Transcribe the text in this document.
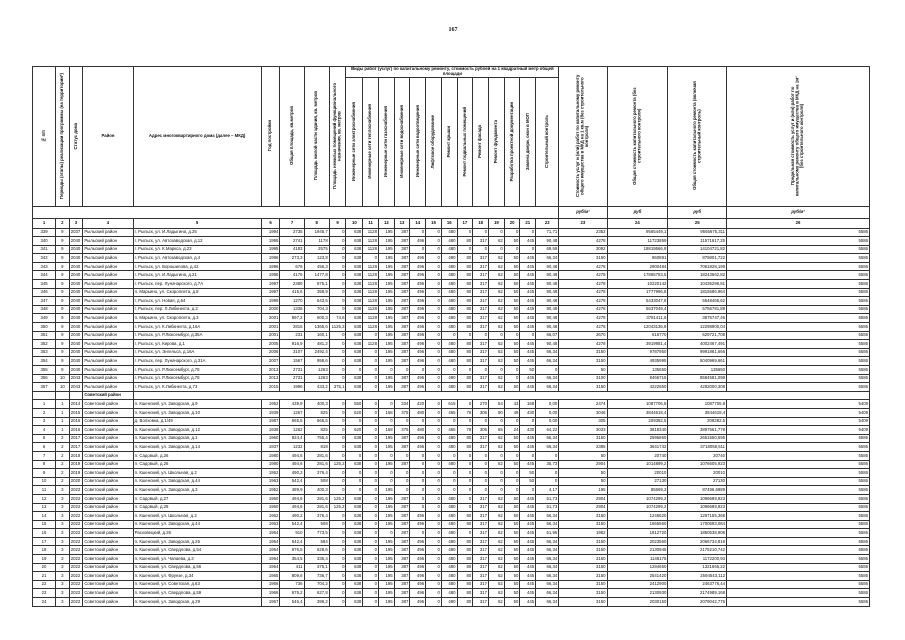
167
№ п/п	Периоды (этапы) реализации программы (на территории*)	Статус дома	Район	Адрес многоквартирного дома (далее – МКД)	Год постройки	Общая площадь, кв.метров	Площадь жилой части здания, кв. метров	Площадь нежилых помещений функционального назначения, кв. метров	Виды работ (услуг) по капитальному ремонту, стоимость рублей на 1 квадратный метр общей площади													Стоимость услуг и (или) работ по капитальному ремонту общего имущества в МКД на 1 кв.м (без строительного контроля)	Общая стоимость капитального ремонта (без строительного контроля)	Общая стоимость капитального ремонта (включая строительный контроль)	Предельная стоимость услуг и (или) работ по капитальному ремонту общего имущества в МКД на 1м² (без строительного контроля)
									Инженерные сети электроснабжения	Инженерные сети теплоснабжения	Инженерные сети газоснабжения	Инженерные сети водоснабжения	Инженерные сети водоотведения	Лифтовое оборудование	Ремонт крыши	Ремонт подвальных помещений	Ремонт фасада	Ремонт фундамента	Разработка проектной документации	Замена двери, окон в МОП	Строительный контроль				
																						руб/м²	руб	руб	руб/м²
1	2	3	4	5	6	7	8	9	10	11	12	13	14	15	16	17	18	19	20	21	22	23	24	25	26
339	9	2037	Рыльский район	г. Рыльск, ул. И.Ладыгина, д.25	1994	2735	1945,7	0	638	1128	195	387	0	0	480	0	0	0	0	0	71,71	2352	9565449,1	9565675,311	5586
340	9	2040	Рыльский район	г. Рыльск, ул. Автозаводская, д.12	1995	2741	1178	0	638	1128	195	387	496	0	480	80	317	62	50	445	90,48	4278	11723859	11571617,25	5586
341	9	2040	Рыльский район	г. Рыльск, ул. К.Маркса, д.23	1995	4183	2575	0	638	1128	195	387	0	0	480	0	0	0	0	0	69,59	3092	18819566,8	14104721,82	5586
342	9	2040	Рыльский район	г. Рыльск, ул. Автозаводская, д.4	1996	273,3	123,8	0	638	0	195	387	496	0	480	80	317	62	50	445	66,34	3150	860891	879801,722	5586
343	9	2040	Рыльский район	г. Рыльск, ул. Ворошилова, д.42	1996	678	456,3	0	638	1128	195	387	496	0	480	80	317	62	50	445	90,48	4278	2900484	7061828,199	5586
344	9	2040	Рыльский район	г. Рыльск, ул. И.Ладыгина, д.21	1996	4176	1477,8	0	638	1128	195	387	496	0	480	80	317	62	50	445	90,48	4278	17865783,5	18243662,82	5586
345	9	2040	Рыльский район	г. Рыльск, пер. Луначарского, д.7А	1997	2389	875,1	0	638	1128	195	387	496	0	480	80	317	62	50	445	90,48	4278	10220142	10436296,81	5586
346	9	2040	Рыльский район	п. Марьино, ул. Скороплета, д.8	1997	415,6	358,9	0	638	1128	195	387	496	0	480	80	317	62	50	445	90,48	4278	1777996,8	1815586,964	5586
347	9	2040	Рыльский район	г. Рыльск, ул. Новая, д.64	1999	1270	643,5	0	638	1128	195	387	496	0	480	80	317	62	50	445	90,48	4278	5433047,8	5548465,62	5586
348	9	2040	Рыльский район	г. Рыльск, пер. Л.Либкнехта, д.2	2000	1336	704,3	0	638	1128	195	387	496	0	480	80	317	62	50	445	90,48	4278	5637049,4	5756781,89	5586
349	9	2040	Рыльский район	п. Марьино, ул. Скороплета, д.3	2001	897,2	600,3	74,6	638	1128	195	387	496	0	480	80	317	62	50	445	90,48	4278	3781411,6	3875747,46	5586
350	9	2040	Рыльский район	г. Рыльск, ул. К.Либкнехта, д.16А	2001	2816	1365,6	1125,3	638	1128	195	387	496	0	480	80	317	62	50	445	90,48	4278	12043136,8	12298900,04	5586
351	9	2040	Рыльский район	г. Рыльск, ул. Р.Люксембург, д.35А	2001	231	160,1	0	638	0	195	387	496	0	0	0	0	0	0	0	66,07	2670	616770	629721,708	5586
352	9	2040	Рыльский район	г. Рыльск, ул. Кирова, д.1	2005	916,9	481,2	0	638	1128	195	387	496	0	480	80	317	62	50	445	90,48	4278	3919981,4	4002467,491	5586
353	9	2040	Рыльский район	г. Рыльск, ул. Энгельса, д.16А	2006	3107	2492,4	0	638	0	195	387	496	0	480	80	317	62	50	445	66,34	3150	9787950	9991881,666	5586
354	9	2040	Рыльский район	г. Рыльск, пер. Луначарского, д.31А	2007	1567	958,6	0	638	0	195	387	496	0	480	80	317	62	50	445	66,34	3150	4935995	5040969,661	5586
355	9	2040	Рыльский район	г. Рыльск, ул. Р.Люксембург, д.78	2013	2731	1263	0	0	0	0	0	0	0	0	0	0	0	0	50	0	50	135650	135650	5586
356	10	2043	Рыльский район	г. Рыльск, ул. Р.Люксембург, д.78	2013	2731	1263	0	638	0	195	387	496	0	480	80	317	62	0	445	66,34	3100	8466715	8584581,098	5586
357	10	2043	Рыльский район	г. Рыльск, ул. К.Либкнехта, д.73	2015	1996	433,2	375,1	638	0	195	387	496	0	480	80	317	62	50	445	66,34	3150	4222650	4282000,308	5586
			Советский район																						
1	1	2014	Советский район	п. Кшенский, ул. Заводская, д.9	1952	439,9	400,3	0	550	0	0	334	420	0	615	0	270	54	43	168	0,00	2474	1087706,8	1087706,8	5409
2	1	2015	Советский район	п. Кшенский, ул. Заводская, д.10	1939	1267	825	0	620	0	168	375	480	0	465	76	306	90	48	430	0,00	3046	3844618,4	3844618,4	5409
3	1	2016	Советский район	д. Волховка, д.1/49	1987	665,5	665,5	0	0	0	0	0	0	0	0	0	0	0	0	0	0,00	305	209382,5	209382,5	5409
4	1	2016	Советский район	п. Кшенский, ул. Заводская, д.12	1938	1262	825	0	620	0	168	375	480	0	465	78	306	65	24	430	64,22	3033	3818340	3897561,778	5409
5	2	2017	Советский район	п. Кшенский, ул. Заводская, д.1	1960	824,4	755,4	0	638	0	195	387	496	0	480	80	317	62	50	445	66,34	3150	2596860	2651550,695	5586
6	2	2017	Советский район	п. Кшенский, ул. Заводская, д.14	1937	1232	818	0	638	0	195	387	496	0	480	80	317	62	50	445	66,34	2385	3641742	3718058,611	5586
7	2	2018	Советский район	п. Садовый, д.26	1980	494,6	281,6	0	0	0	0	0	0	0	0	0	0	0	0	0	0	50	20740	20740	5586
8	2	2019	Советский район	п. Садовый, д.26	1980	494,6	281,6	125,2	638	0	195	387	0	0	480	0	0	62	50	445	35,73	2904	1014899,2	1076605,923	5586
9	2	2019	Советский район	п. Кшенский, ул. Школьная, д.2	1962	490,2	376,4	0	0	0	0	0	0	0	0	0	0	0	0	50	0	50	20010	20010	5586
10	2	2020	Советский район	п. Кшенский, ул. Заводская, д.44	1963	542,4	508	0	0	0	0	0	0	0	0	0	0	0	0	50	0	50	27130	27130	5586
11	3	2022	Советский район	п. Кшенский, ул. Заводская, д.3	1952	489,9	400,3	0	0	0	195	0	0	0	0	0	0	0	0	0	4,17	195	85669,3	87496,6989	5586
12	3	2022	Советский район	п. Садовый, д.27	1960	494,6	281,6	125,2	638	0	195	387	0	0	480	0	317	62	50	445	51,73	2904	1074299,2	1096689,923	5586
13	3	2022	Советский район	п. Садовый, д.28	1960	494,6	281,6	125,2	638	0	195	387	0	0	480	0	317	62	50	445	51,73	2904	1074299,2	1096689,923	5586
14	3	2022	Советский район	п. Кшенский, ул. Школьная, д.2	1962	490,2	376,4	0	638	0	195	387	496	0	480	80	317	62	50	445	66,34	3150	1246620	1267155,368	5586
15	3	2022	Советский район	п. Кшенский, ул. Заводская, д.44	1963	542,4	508	0	638	0	195	387	496	0	480	80	317	62	50	445	66,34	3150	1665560	1700693,084	5586
16	3	2022	Советский район	Расховецкий, д.26	1964	910	773,5	0	638	0	0	387	0	0	480	0	317	62	50	445	51,96	1982	1812720	1850538,908	5586
17	3	2022	Советский район	п. Кшенский, ул. Заводская, д.26	1964	642,4	594	0	638	0	195	387	496	0	480	80	317	62	50	445	66,34	3150	2023560	2066734,818	5586
18	3	2022	Советский район	п. Кшенский, ул. Свердлова, д.54	1964	676,5	628,6	0	638	0	195	387	496	0	480	80	317	62	50	445	66,34	3150	2130945	2175210,742	5586
19	3	2022	Советский район	п. Кшенский, ул. Чапаева, д.3	1964	354,5	335,4	0	638	0	195	387	496	0	480	80	317	62	50	445	66,34	3150	1148175	1172200,93	5586
20	3	2022	Советский район	п. Кшенский, ул. Свердлова, д.56	1964	411	375,1	0	638	0	195	387	496	0	480	80	317	62	50	445	66,34	3150	1294650	1321665,22	5586
21	3	2022	Советский район	п. Кшенский, ул. Фрунзе, д.34	1965	809,6	736,7	0	638	0	195	387	496	0	480	80	317	62	50	445	66,34	3150	2541420	2594543,112	5586
22	3	2022	Советский район	п. Кшенский, ул. Советская, д.63	1966	736	704,2	0	638	0	195	387	496	0	480	80	317	62	50	445	66,34	3150	2412900	2463776,44	5586
23	3	2022	Советский район	п. Кшенский, ул. Свердлова, д.59	1966	675,2	627,8	0	638	0	195	387	496	0	480	80	317	62	50	445	66,34	3150	2130930	2174989,168	5586
24	3	2022	Советский район	п. Кшенский, ул. Заводская, д.29	1967	546,4	399,2	0	638	0	195	387	496	0	480	80	317	62	50	445	66,34	3150	2030150	2079042,776	5586
